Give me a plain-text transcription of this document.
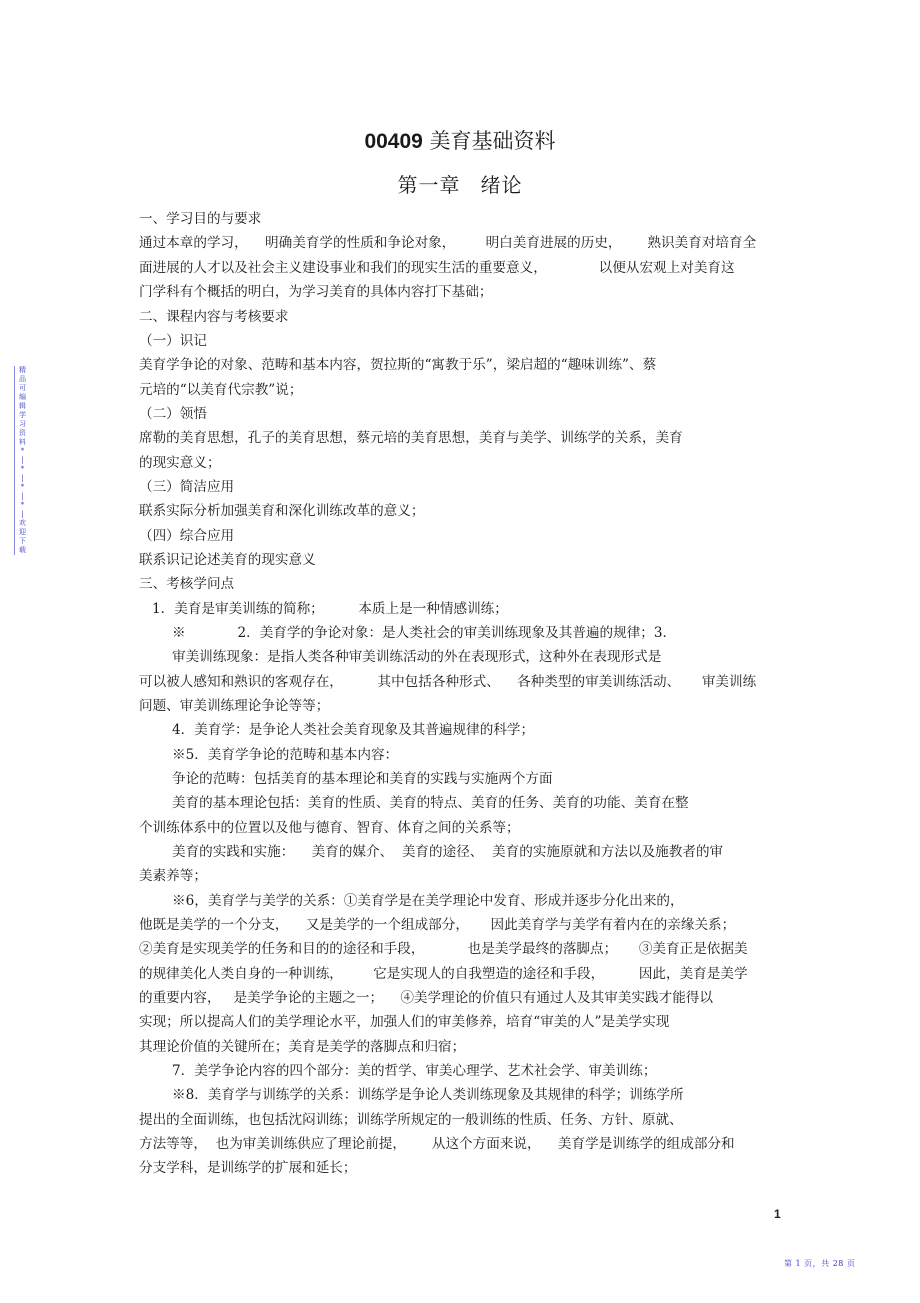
00409 美育基础资料
第一章 绪论
一、学习目的与要求
通过本章的学习，    明确美育学的性质和争论对象，       明白美育进展的历史，      熟识美育对培育全
面进展的人才以及社会主义建设事业和我们的现实生活的重要意义，            以便从宏观上对美育这
门学科有个概括的明白，为学习美育的具体内容打下基础；
二、课程内容与考核要求
（一）识记
美育学争论的对象、范畴和基本内容，贺拉斯的“寓教于乐”，梁启超的“趣味训练”、蔡
元培的“以美育代宗教”说；
（二）领悟
席勒的美育思想，孔子的美育思想，蔡元培的美育思想，美育与美学、训练学的关系，美育
的现实意义；
（三）简洁应用
联系实际分析加强美育和深化训练改革的意义；
（四）综合应用
联系识记论述美育的现实意义
三、考核学问点
1．美育是审美训练的简称；        本质上是一种情感训练；
※            2．美育学的争论对象：是人类社会的审美训练现象及其普遍的规律；3．
审美训练现象：是指人类各种审美训练活动的外在表现形式，这种外在表现形式是
可以被人感知和熟识的客观存在，        其中包括各种形式、    各种类型的审美训练活动、     审美训练
问题、审美训练理论争论等等；
4．美育学：是争论人类社会美育现象及其普遍规律的科学；
※5．美育学争论的范畴和基本内容：
争论的范畴：包括美育的基本理论和美育的实践与实施两个方面
美育的基本理论包括：美育的性质、美育的特点、美育的任务、美育的功能、美育在整
个训练体系中的位置以及他与德育、智育、体育之间的关系等；
美育的实践和实施：    美育的媒介、  美育的途径、  美育的实施原就和方法以及施教者的审
美素养等；
※6，美育学与美学的关系：①美育学是在美学理论中发育、形成并逐步分化出来的，
他既是美学的一个分支，    又是美学的一个组成部分，     因此美育学与美学有着内在的亲缘关系；
②美育是实现美学的任务和目的的途径和手段，          也是美学最终的落脚点；     ③美育正是依据美
的规律美化人类自身的一种训练，       它是实现人的自我塑造的途径和手段，        因此，美育是美学
的重要内容，   是美学争论的主题之一；    ④美学理论的价值只有通过人及其审美实践才能得以
实现；所以提高人们的美学理论水平，加强人们的审美修养，培育“审美的人”是美学实现
其理论价值的关键所在；美育是美学的落脚点和归宿；
7．美学争论内容的四个部分：美的哲学、审美心理学、艺术社会学、审美训练；
※8．美育学与训练学的关系：训练学是争论人类训练现象及其规律的科学；训练学所
提出的全面训练，也包括沈闷训练；训练学所规定的一般训练的性质、任务、方针、原就、
方法等等，  也为审美训练供应了理论前提，      从这个方面来说，    美育学是训练学的组成部分和
分支学科，是训练学的扩展和延长；
精
品
可
编
辑
学
习
资
料
*
|
*
|
*
|
*
|
欢
迎
下
载
1
第 1 页，共 28 页
